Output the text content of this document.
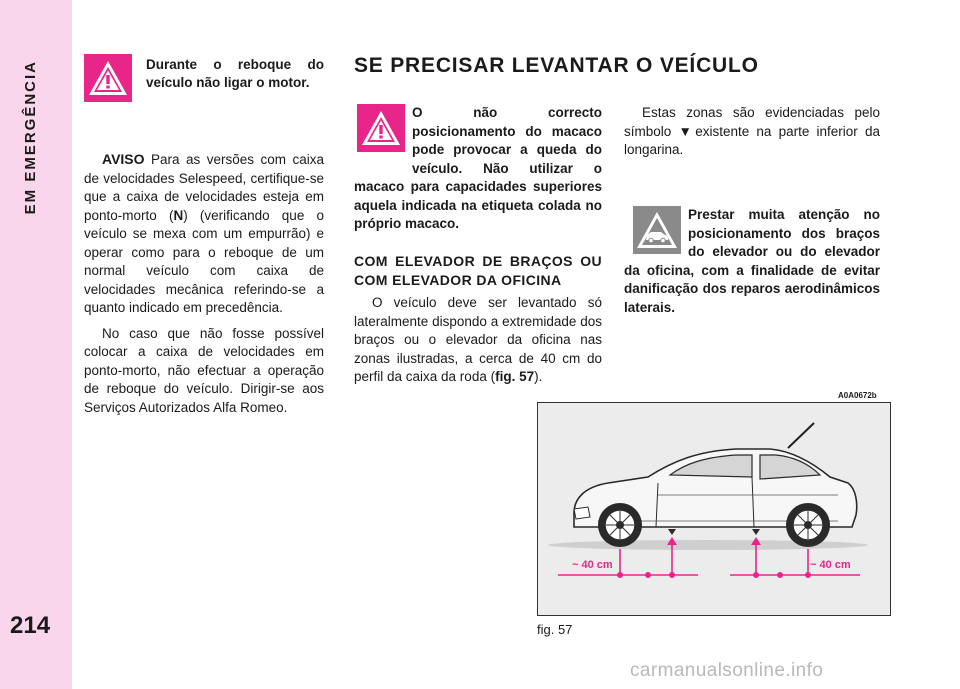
EM EMERGÊNCIA
214

Durante o reboque do veículo não ligar o motor.

AVISO Para as versões com caixa de velocidades Selespeed, certifique-se que a caixa de velocidades esteja em ponto-morto (N) (verificando que o veículo se mexa com um empurrão) e operar como para o reboque de um normal veículo com caixa de velocidades mecânica referindo-se a quanto indicado em precedência.

No caso que não fosse possível colocar a caixa de velocidades em ponto-morto, não efectuar a operação de reboque do veículo. Dirigir-se aos Serviços Autorizados Alfa Romeo.

SE PRECISAR LEVANTAR O VEÍCULO

O não correcto posicionamento do macaco pode provocar a queda do veículo. Não utilizar o macaco para capacidades superiores aquela indicada na etiqueta colada no próprio macaco.

COM ELEVADOR DE BRAÇOS OU COM ELEVADOR DA OFICINA

O veículo deve ser levantado só lateralmente dispondo a extremidade dos braços ou o elevador da oficina nas zonas ilustradas, a cerca de 40 cm do perfil da caixa da roda (fig. 57).

Estas zonas são evidenciadas pelo símbolo ▼existente na parte inferior da longarina.

Prestar muita atenção no posicionamento dos braços do elevador ou do elevador da oficina, com a finalidade de evitar danificação dos reparos aerodinâmicos laterais.

A0A0672b
~ 40 cm	~ 40 cm
fig. 57
carmanualsonline.info
